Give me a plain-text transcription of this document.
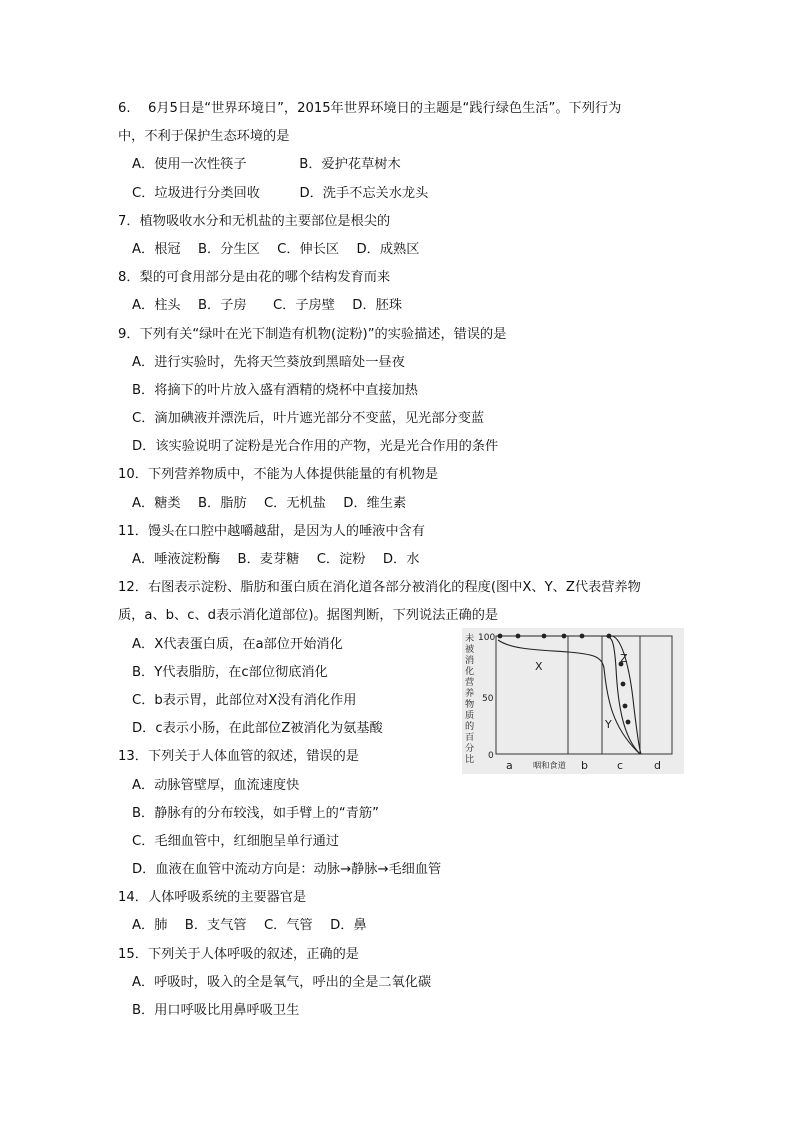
6.　 6月5日是“世界环境日”，2015年世界环境日的主题是“践行绿色生活”。下列行为
中，不利于保护生态环境的是
A．使用一次性筷子　　　　B．爱护花草树木
C．垃圾进行分类回收　　　D．洗手不忘关水龙头
7．植物吸收水分和无机盐的主要部位是根尖的
A．根冠　 B．分生区　 C．伸长区　 D．成熟区
8．梨的可食用部分是由花的哪个结构发育而来
A．柱头　 B．子房　　C．子房壁　 D．胚珠
9．下列有关“绿叶在光下制造有机物(淀粉)”的实验描述，错误的是
A．进行实验时，先将天竺葵放到黑暗处一昼夜
B．将摘下的叶片放入盛有酒精的烧杯中直接加热
C．滴加碘液并漂洗后，叶片遮光部分不变蓝，见光部分变蓝
D．该实验说明了淀粉是光合作用的产物，光是光合作用的条件
10．下列营养物质中，不能为人体提供能量的有机物是
A．糖类　 B．脂肪　 C．无机盐　 D．维生素
11．馒头在口腔中越嚼越甜，是因为人的唾液中含有
A．唾液淀粉酶　 B．麦芽糖　 C．淀粉　 D．水
12．右图表示淀粉、脂肪和蛋白质在消化道各部分被消化的程度(图中X、Y、Z代表营养物
质，a、b、c、d表示消化道部位)。据图判断，下列说法正确的是
A．X代表蛋白质，在a部位开始消化
B．Y代表脂肪，在c部位彻底消化
C．b表示胃，此部位对X没有消化作用
D．c表示小肠，在此部位Z被消化为氨基酸
13．下列关于人体血管的叙述，错误的是
A．动脉管壁厚，血流速度快
B．静脉有的分布较浅，如手臂上的“青筋”
C．毛细血管中，红细胞呈单行通过
D．血液在血管中流动方向是：动脉→静脉→毛细血管
14．人体呼吸系统的主要器官是
A．肺　 B．支气管　 C．气管　 D．鼻
15．下列关于人体呼吸的叙述，正确的是
A．呼吸时，吸入的全是氧气，呼出的全是二氧化碳
B．用口呼吸比用鼻呼吸卫生
未
被
消
化
营
养
物
质
的
百
分
比
100
50
0
X
Y
Z
a 咽和食道 b	c	d
